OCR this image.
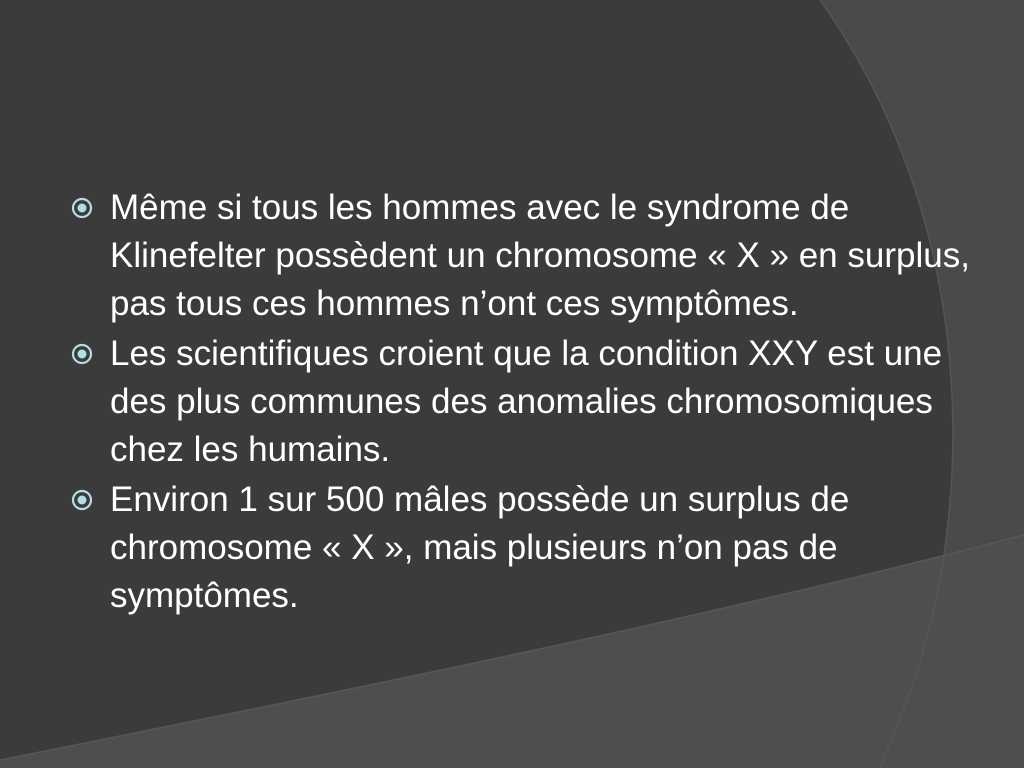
Même si tous les hommes avec le syndrome de Klinefelter possèdent un chromosome « X » en surplus, pas tous ces hommes n’ont ces symptômes.
Les scientifiques croient que la condition XXY est une des plus communes des anomalies chromosomiques chez les humains.
Environ 1 sur 500 mâles possède un surplus de chromosome « X », mais plusieurs n’on pas de symptômes.
